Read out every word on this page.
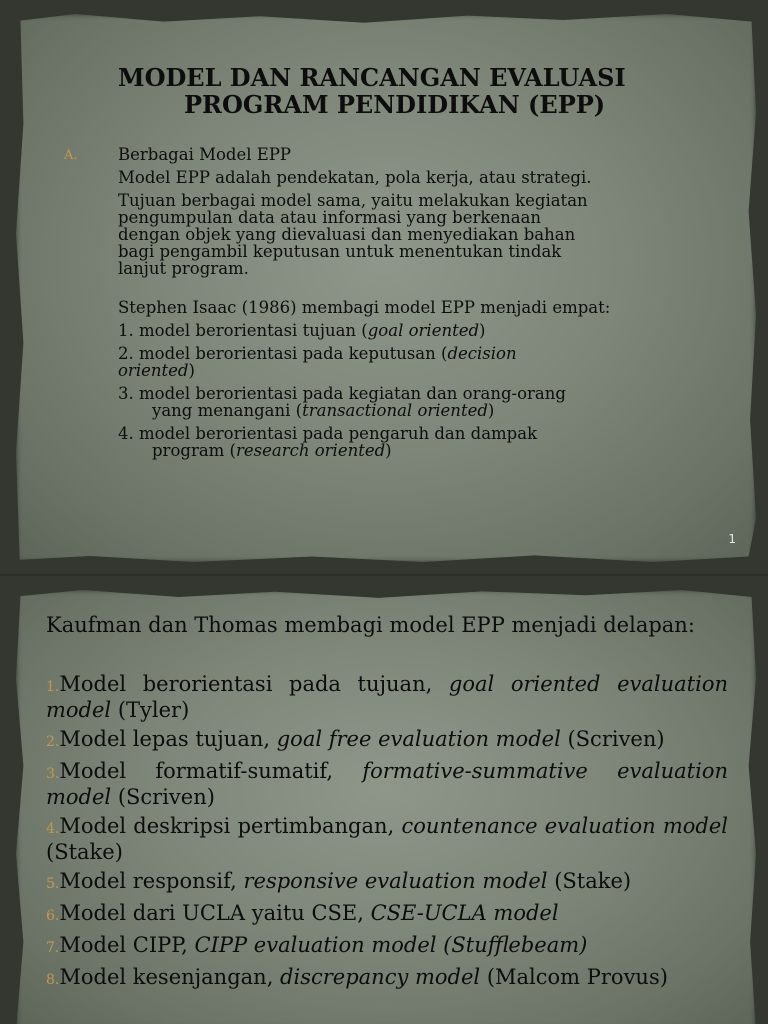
MODEL DAN RANCANGAN EVALUASI
PROGRAM PENDIDIKAN (EPP)
A. Berbagai Model EPP
Model EPP adalah pendekatan, pola kerja, atau strategi.
Tujuan berbagai model sama, yaitu melakukan kegiatan
pengumpulan data atau informasi yang berkenaan
dengan objek yang dievaluasi dan menyediakan bahan
bagi pengambil keputusan untuk menentukan tindak
lanjut program.
Stephen Isaac (1986) membagi model EPP menjadi empat:
1. model berorientasi tujuan (goal oriented)
2. model berorientasi pada keputusan (decision
oriented)
3. model berorientasi pada kegiatan dan orang-orang
yang menangani (transactional oriented)
4. model berorientasi pada pengaruh dan dampak
program (research oriented)
1
Kaufman dan Thomas membagi model EPP menjadi delapan:
1.Model berorientasi pada tujuan, goal oriented evaluation model (Tyler)
2.Model lepas tujuan, goal free evaluation model (Scriven)
3.Model formatif-sumatif, formative-summative evaluation model (Scriven)
4.Model deskripsi pertimbangan, countenance evaluation model (Stake)
5.Model responsif, responsive evaluation model (Stake)
6.Model dari UCLA yaitu CSE, CSE-UCLA model
7.Model CIPP, CIPP evaluation model (Stufflebeam)
8.Model kesenjangan, discrepancy model (Malcom Provus)
